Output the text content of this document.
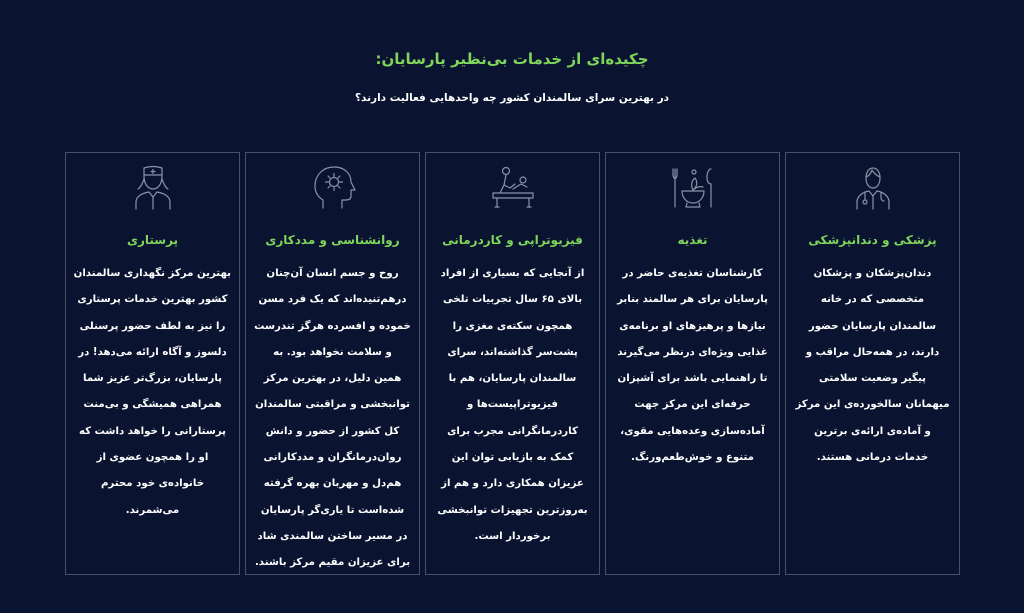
چکیده‌ای از خدمات بی‌نظیر پارسایان:
در بهترین سرای سالمندان کشور چه واحدهایی فعالیت دارند؟
پزشکی و دندانپزشکی
دندان‌پزشکان و پزشکان
متخصصی که در خانه
سالمندان پارسایان حضور
دارند، در همه‌حال مراقب و
پیگیر وضعیت سلامتی
میهمانان سالخورده‌ی این مرکز
و آماده‌ی ارائه‌ی برترین
خدمات درمانی هستند.
تغذیه
کارشناسان تغذیه‌ی حاضر در
پارسایان برای هر سالمند بنابر
نیازها و پرهیزهای او برنامه‌ی
غذایی ویژه‌ای درنظر می‌گیرند
تا راهنمایی باشد برای آشپزان
حرفه‌ای این مرکز جهت
آماده‌سازی وعده‌هایی مقوی،
متنوع و خوش‌طعم‌ورنگ.
فیزیوتراپی و کاردرمانی
از آنجایی که بسیاری از افراد
بالای ۶۵ سال تجربیات تلخی
همچون سکته‌ی مغزی را
پشت‌سر گذاشته‌اند، سرای
سالمندان پارسایان، هم با
فیزیوتراپیست‌ها و
کاردرمانگرانی مجرب برای
کمک به بازیابی توان این
عزیزان همکاری دارد و هم از
به‌روزترین تجهیزات توانبخشی
برخوردار است.
روانشناسی و مددکاری
روح و جسم انسان آن‌چنان
درهم‌تنیده‌اند که یک فرد مسن
خموده و افسرده هرگز تندرست
و سلامت نخواهد بود. به
همین دلیل، در بهترین مرکز
توانبخشی و مراقبتی سالمندان
کل کشور از حضور و دانش
روان‌درمانگران و مددکارانی
هم‌دل و مهربان بهره گرفته
شده‌است تا یاری‌گر پارسایان
در مسیر ساختن سالمندی شاد
برای عزیزان مقیم مرکز باشند.
پرستاری
بهترین مرکز نگهداری سالمندان
کشور بهترین خدمات پرستاری
را نیز به لطف حضور پرسنلی
دلسوز و آگاه ارائه می‌دهد! در
پارسایان، بزرگ‌تر عزیز شما
همراهی همیشگی و بی‌منت
پرستارانی را خواهد داشت که
او را همچون عضوی از
خانواده‌ی خود محترم
می‌شمرند.
